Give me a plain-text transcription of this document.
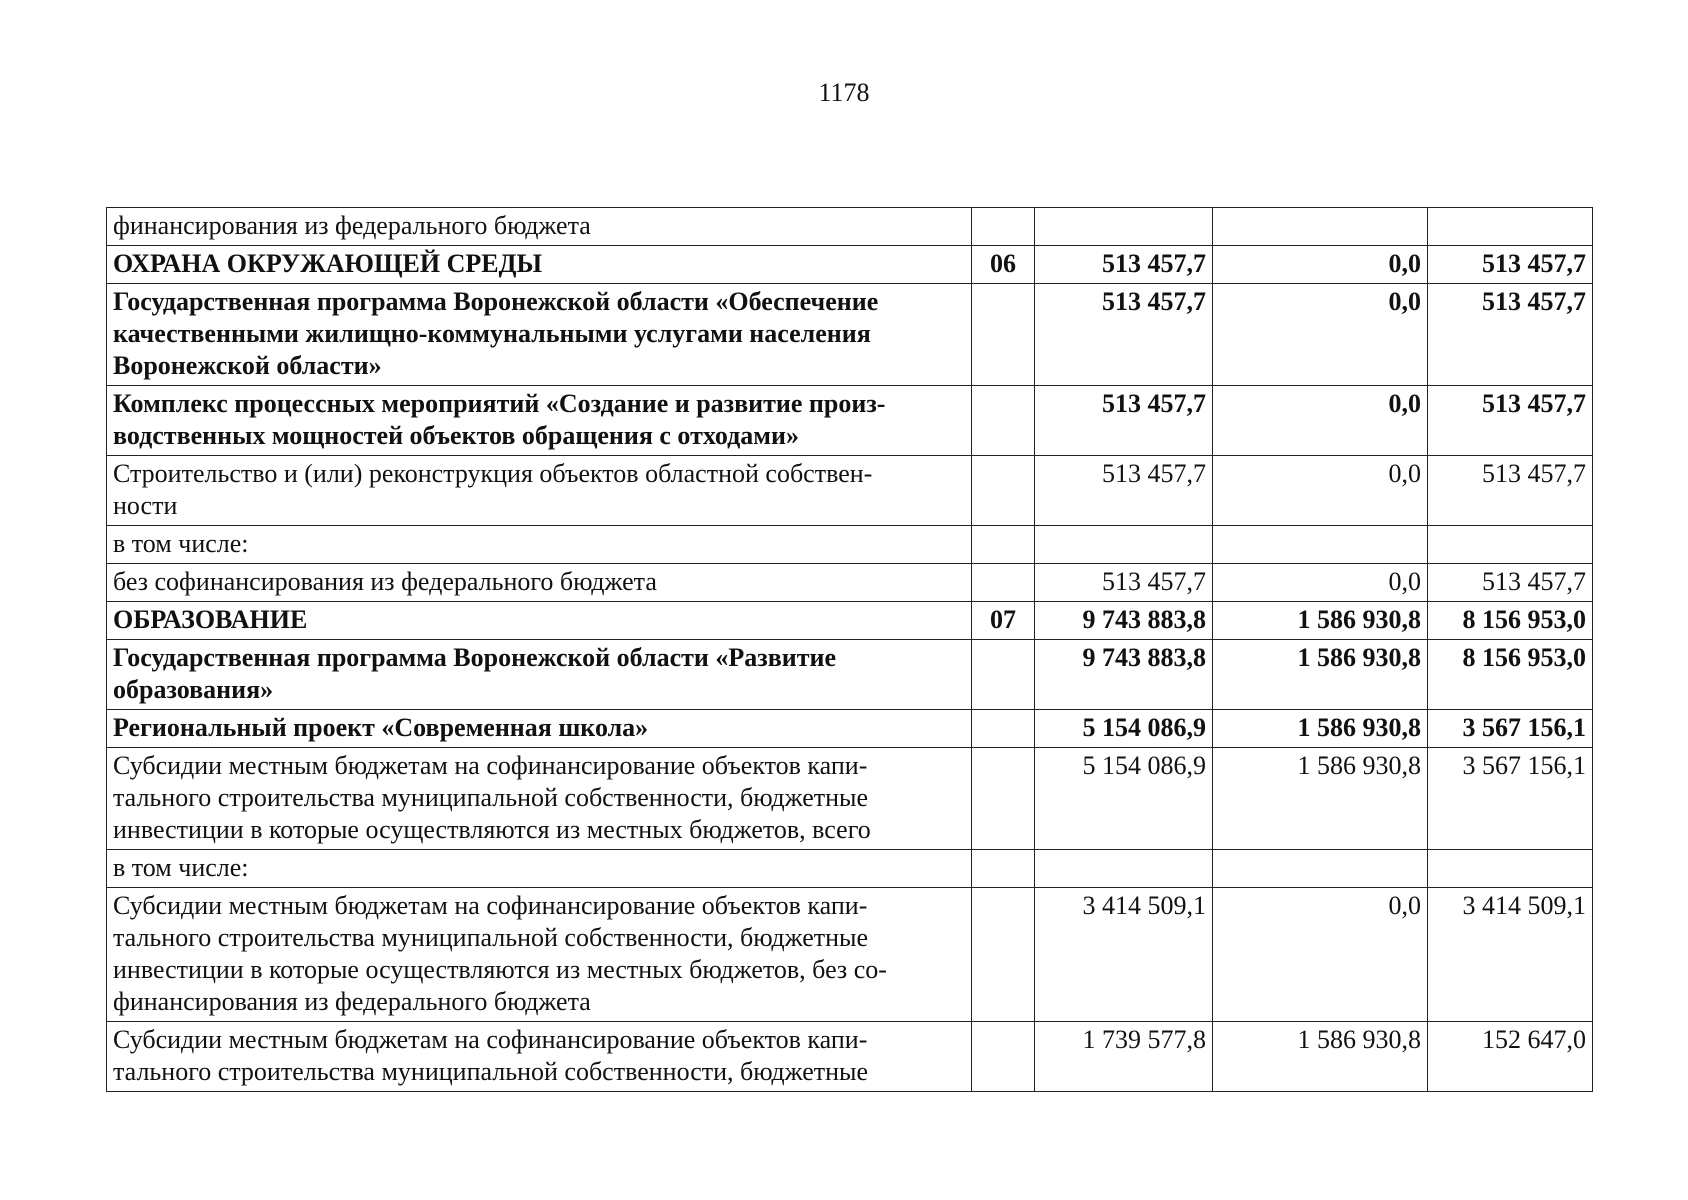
1178
финансирования из федерального бюджета				

ОХРАНА ОКРУЖАЮЩЕЙ СРЕДЫ	06	513 457,7	0,0	513 457,7

Государственная программа Воронежской области «Обеспечение
качественными жилищно-коммунальными услугами населения
Воронежской области»		513 457,7	0,0	513 457,7

Комплекс процессных мероприятий «Создание и развитие произ-
водственных мощностей объектов обращения с отходами»		513 457,7	0,0	513 457,7

Строительство и (или) реконструкция объектов областной собствен-
ности		513 457,7	0,0	513 457,7

в том числе:				

без софинансирования из федерального бюджета		513 457,7	0,0	513 457,7

ОБРАЗОВАНИЕ	07	9 743 883,8	1 586 930,8	8 156 953,0

Государственная программа Воронежской области «Развитие
образования»		9 743 883,8	1 586 930,8	8 156 953,0

Региональный проект «Современная школа»		5 154 086,9	1 586 930,8	3 567 156,1

Субсидии местным бюджетам на софинансирование объектов капи-
тального строительства муниципальной собственности, бюджетные
инвестиции в которые осуществляются из местных бюджетов, всего		5 154 086,9	1 586 930,8	3 567 156,1

в том числе:				

Субсидии местным бюджетам на софинансирование объектов капи-
тального строительства муниципальной собственности, бюджетные
инвестиции в которые осуществляются из местных бюджетов, без со-
финансирования из федерального бюджета		3 414 509,1	0,0	3 414 509,1

Субсидии местным бюджетам на софинансирование объектов капи-
тального строительства муниципальной собственности, бюджетные		1 739 577,8	1 586 930,8	152 647,0
